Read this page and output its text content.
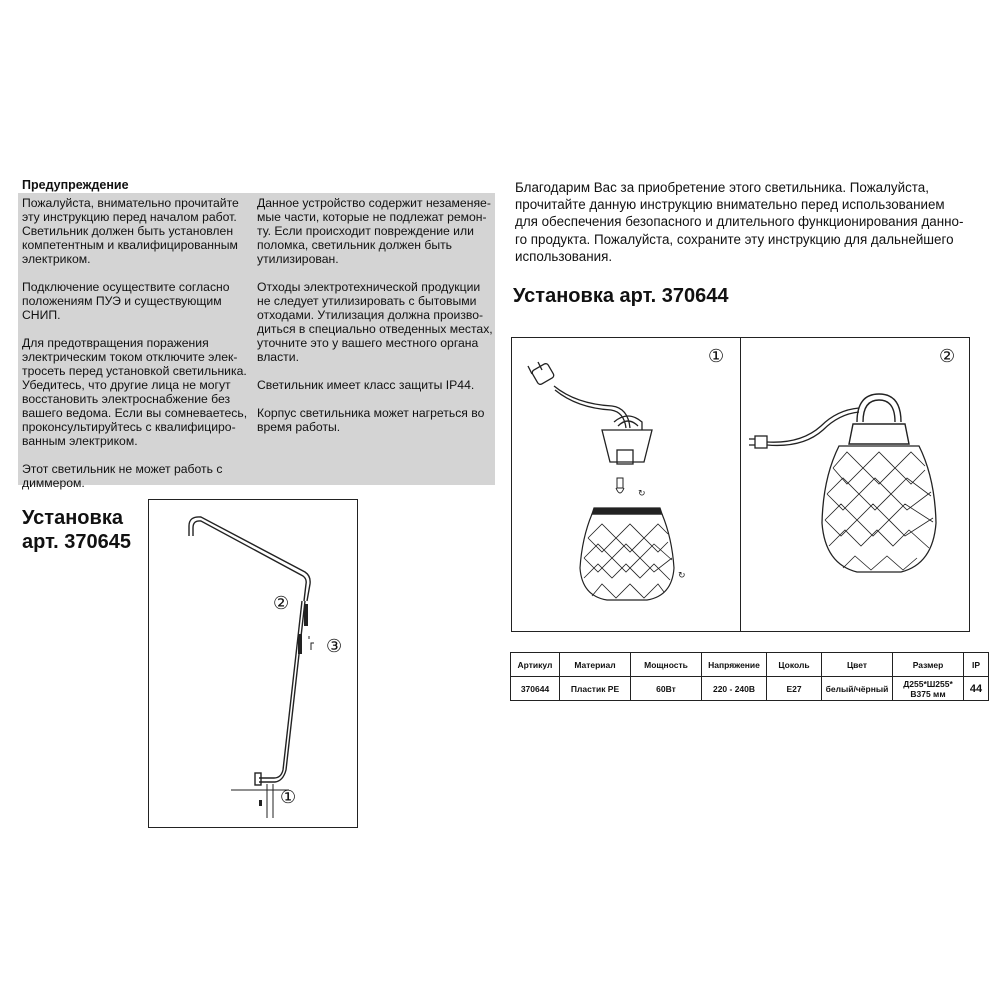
Предупреждение

Пожалуйста, внимательно прочитайте
эту инструкцию перед началом работ.
Светильник должен быть установлен
компетентным и квалифицированным
электриком.

Подключение осуществите согласно
положениям ПУЭ и существующим
СНИП.

Для предотвращения поражения
электрическим током отключите элек-
тросеть перед установкой светильника.
Убедитесь, что другие лица не могут
восстановить электроснабжение без
вашего ведома. Если вы сомневаетесь,
проконсультируйтесь с квалифициро-
ванным электриком.

Этот светильник не может работь с
диммером.

Данное устройство содержит незаменяе-
мые части, которые не подлежат ремон-
ту. Если происходит повреждение или
поломка, светильник должен быть
утилизирован.

Отходы электротехнической продукции
не следует утилизировать с бытовыми
отходами. Утилизация должна произво-
диться в специально отведенных местах,
уточните это у вашего местного органа
власти.

Светильник имеет класс защиты IP44.

Корпус светильника может нагреться во
время работы.

Благодарим Вас за приобретение этого светильника. Пожалуйста,
прочитайте данную инструкцию внимательно перед использованием
для обеспечения безопасного и длительного функционирования данно-
го продукта. Пожалуйста, сохраните эту инструкцию для дальнейшего
использования.
Установка арт. 370644
Установка
арт. 370645
②
③
①
↻
↻
①	②
Артикул	Материал	Мощность	Напряжение	Цоколь	Цвет	Размер	IP
370644	Пластик PE	60Вт	220 - 240В	E27	белый/чёрный	Д255*Ш255*
В375 мм	44
